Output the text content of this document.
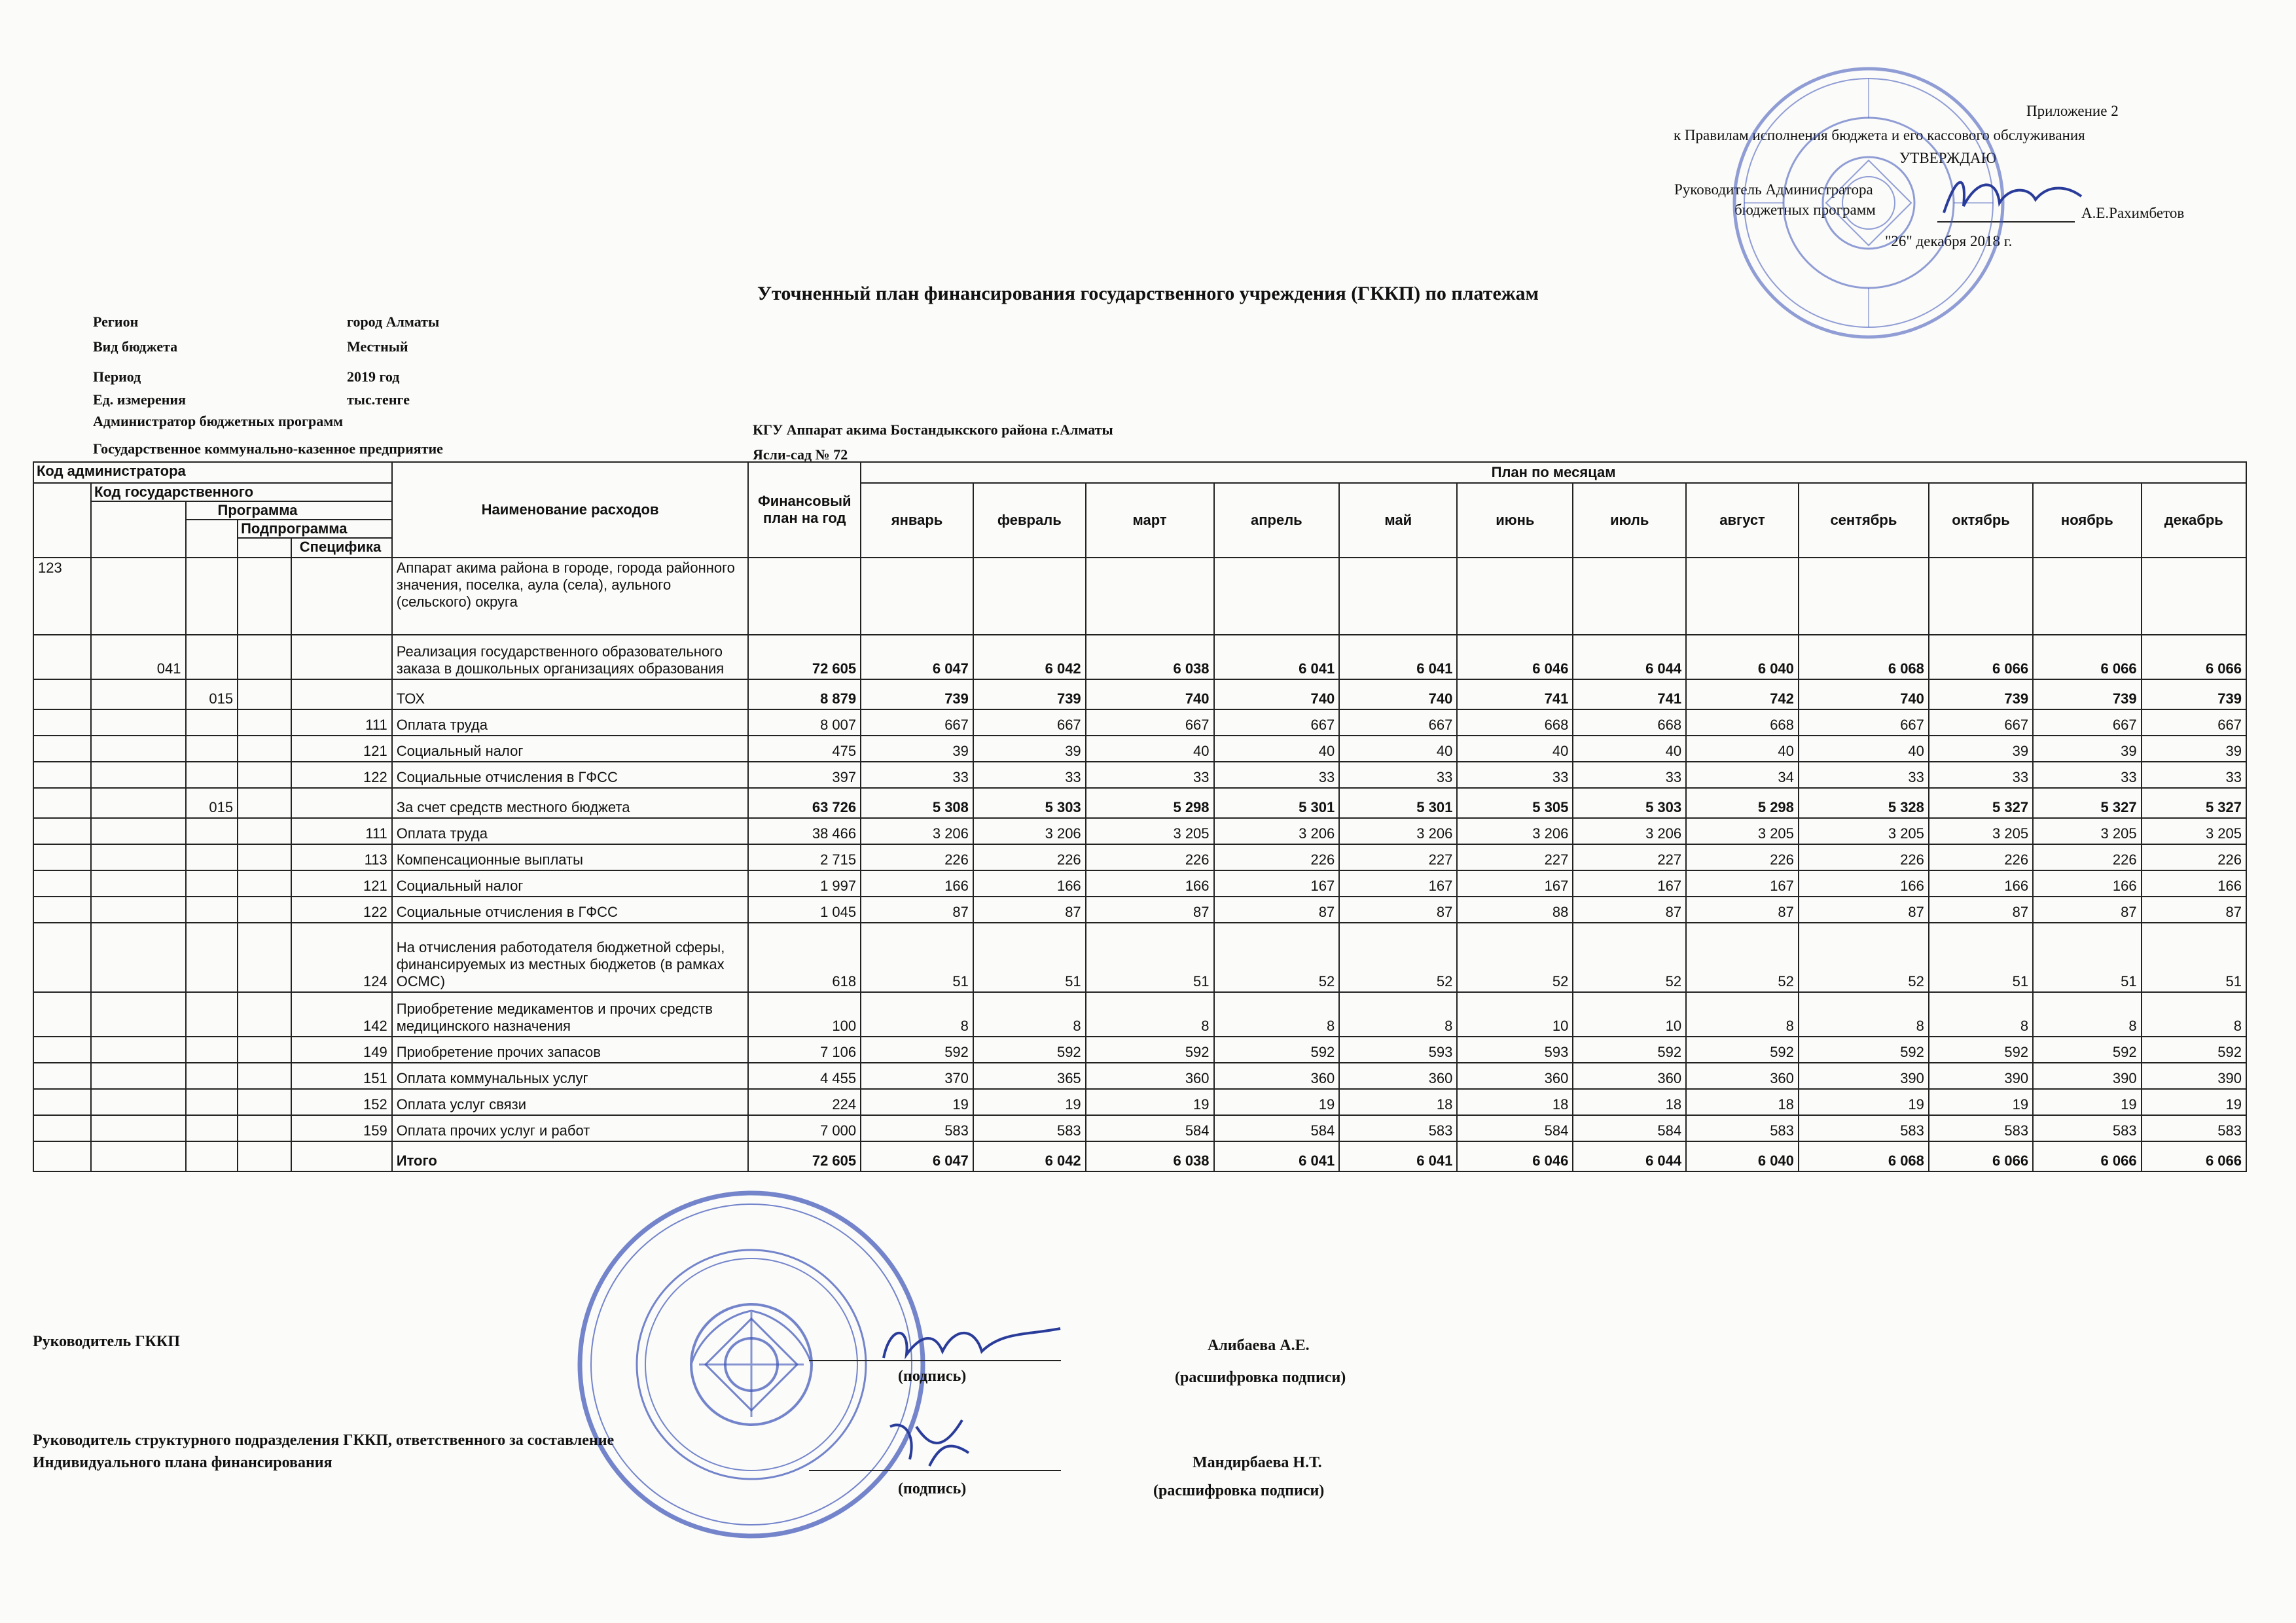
Приложение 2
к Правилам исполнения бюджета и его кассового обслуживания
УТВЕРЖДАЮ
Руководитель Администратора
бюджетных программ	А.Е.Рахимбетов
"26" декабря 2018 г.
Уточненный план финансирования государственного учреждения (ГККП) по платежам
Регион	город Алматы
Вид бюджета	Местный
Период	2019 год
Ед. измерения	тыс.тенге
Администратор бюджетных программ
КГУ Аппарат акима Бостандыкского района г.Алматы
Государственное коммунально-казенное предприятие	Ясли-сад № 72
Код администратора					Наименование расходов	Финансовый план на год	План по месяцам											
	Код государственного						январь	февраль	март	апрель	май	июнь	июль	август	сентябрь	октябрь	ноябрь	декабрь
		Программа																
			Подпрограмма															
				Специфика														
123					Аппарат акима района в городе, города районного значения, поселка, аула (села), аульного (сельского) округа													
	041				Реализация государственного образовательного заказа в дошкольных организациях образования	72 605	6 047	6 042	6 038	6 041	6 041	6 046	6 044	6 040	6 068	6 066	6 066	6 066
		015			ТОХ	8 879	739	739	740	740	740	741	741	742	740	739	739	739
				111	Оплата труда	8 007	667	667	667	667	667	668	668	668	667	667	667	667
				121	Социальный налог	475	39	39	40	40	40	40	40	40	40	39	39	39
				122	Социальные отчисления в ГФСС	397	33	33	33	33	33	33	33	34	33	33	33	33
		015			За счет средств местного бюджета	63 726	5 308	5 303	5 298	5 301	5 301	5 305	5 303	5 298	5 328	5 327	5 327	5 327
				111	Оплата труда	38 466	3 206	3 206	3 205	3 206	3 206	3 206	3 206	3 205	3 205	3 205	3 205	3 205
				113	Компенсационные выплаты	2 715	226	226	226	226	227	227	227	226	226	226	226	226
				121	Социальный налог	1 997	166	166	166	167	167	167	167	167	166	166	166	166
				122	Социальные отчисления в ГФСС	1 045	87	87	87	87	87	88	87	87	87	87	87	87
				124	На отчисления работодателя бюджетной сферы, финансируемых из местных бюджетов (в рамках ОСМС)	618	51	51	51	52	52	52	52	52	52	51	51	51
				142	Приобретение медикаментов и прочих средств медицинского назначения	100	8	8	8	8	8	10	10	8	8	8	8	8
				149	Приобретение прочих запасов	7 106	592	592	592	592	593	593	592	592	592	592	592	592
				151	Оплата коммунальных услуг	4 455	370	365	360	360	360	360	360	360	390	390	390	390
				152	Оплата услуг связи	224	19	19	19	19	18	18	18	18	19	19	19	19
				159	Оплата прочих услуг и работ	7 000	583	583	584	584	583	584	584	583	583	583	583	583
					Итого	72 605	6 047	6 042	6 038	6 041	6 041	6 046	6 044	6 040	6 068	6 066	6 066	6 066
Руководитель ГККП
(подпись)
Алибаева А.Е.
(расшифровка подписи)
Руководитель структурного подразделения ГККП, ответственного за составление
Индивидуального плана финансирования
(подпись)
Мандирбаева Н.Т.
(расшифровка подпиcи)
